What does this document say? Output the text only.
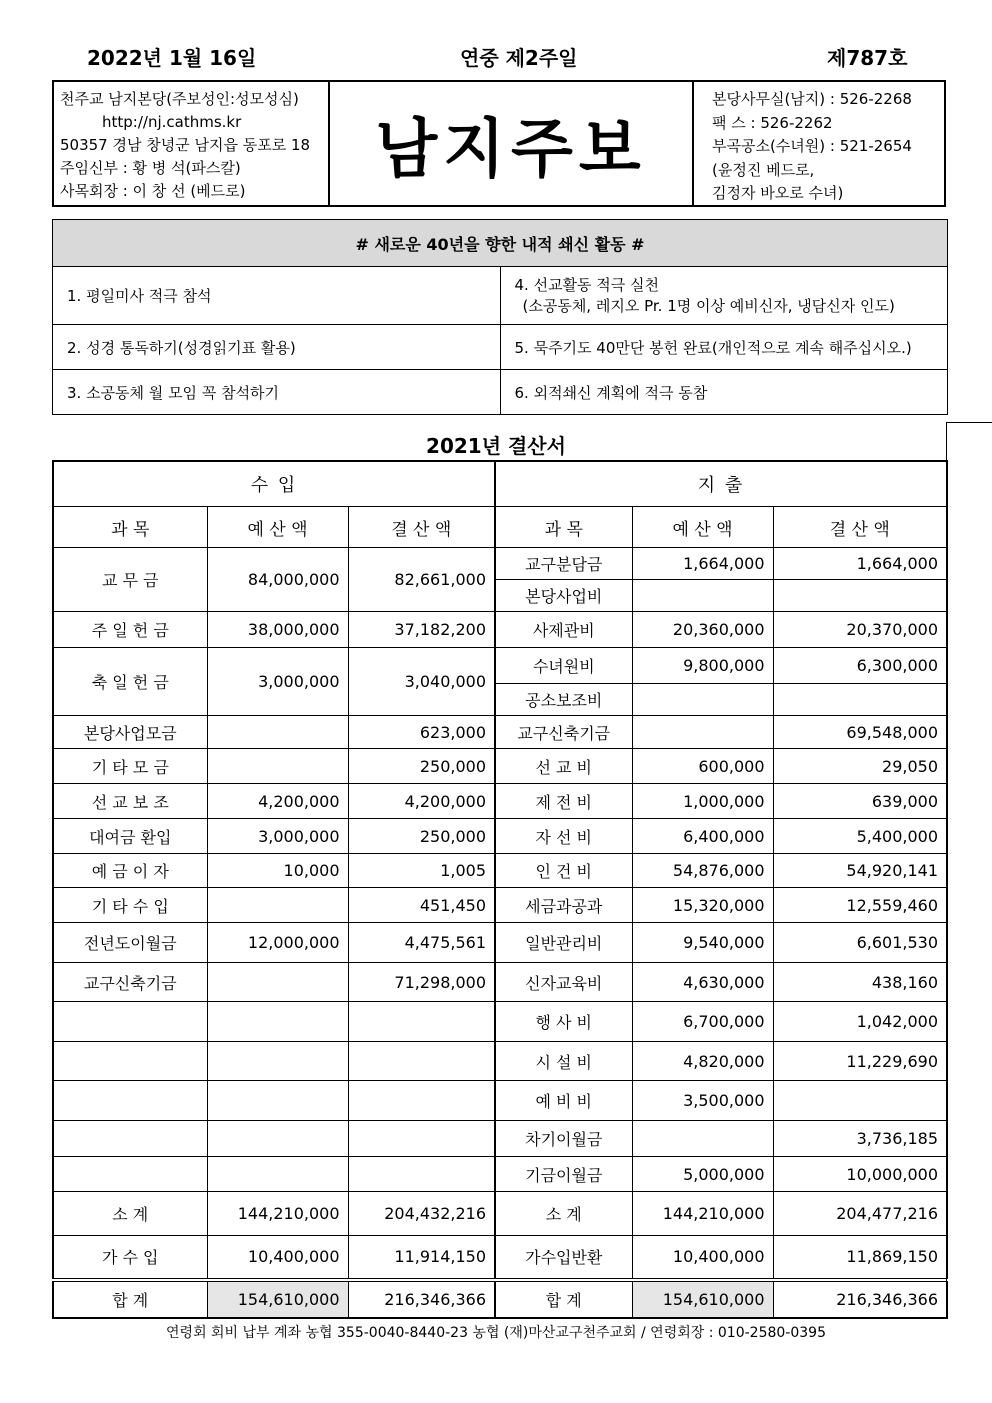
2022년 1월 16일	연중 제2주일	제787호
천주교 남지본당(주보성인:성모성심)
http://nj.cathms.kr
50357 경남 창녕군 남지읍 동포로 18
주임신부 : 황 병 석(파스칼)
사목회장 : 이 창 선 (베드로)
남지주보
본당사무실(남지) : 526-2268
팩 스 : 526-2262
부곡공소(수녀원) : 521-2654
(윤정진 베드로,
김정자 바오로 수녀)
# 새로운 40년을 향한 내적 쇄신 활동 #	
1. 평일미사 적극 참석	4. 선교활동 적극 실천
(소공동체, 레지오 Pr. 1명 이상 예비신자, 냉담신자 인도)

2. 성경 통독하기(성경읽기표 활용)	5. 묵주기도 40만단 봉헌 완료(개인적으로 계속 해주십시오.)
3. 소공동체 월 모임 꼭 참석하기	6. 외적쇄신 계획에 적극 동참
2021년 결산서
수 입			지 출		
과 목	예 산 액	결 산 액	과 목	예 산 액	결 산 액
교 무 금	84,000,000	82,661,000	교구분담금	1,664,000	1,664,000
			본당사업비		
주 일 헌 금	38,000,000	37,182,200	사제관비	20,360,000	20,370,000
축 일 헌 금	3,000,000	3,040,000	수녀원비	9,800,000	6,300,000
			공소보조비		
본당사업모금		623,000	교구신축기금		69,548,000
기 타 모 금		250,000	선 교 비	600,000	29,050
선 교 보 조	4,200,000	4,200,000	제 전 비	1,000,000	639,000
대여금 환입	3,000,000	250,000	자 선 비	6,400,000	5,400,000
예 금 이 자	10,000	1,005	인 건 비	54,876,000	54,920,141
기 타 수 입		451,450	세금과공과	15,320,000	12,559,460
전년도이월금	12,000,000	4,475,561	일반관리비	9,540,000	6,601,530
교구신축기금		71,298,000	신자교육비	4,630,000	438,160
			행 사 비	6,700,000	1,042,000
			시 설 비	4,820,000	11,229,690
			예 비 비	3,500,000	
			차기이월금		3,736,185
			기금이월금	5,000,000	10,000,000
소 계	144,210,000	204,432,216	소 계	144,210,000	204,477,216
가 수 입	10,400,000	11,914,150	가수입반환	10,400,000	11,869,150
합 계	154,610,000	216,346,366	합 계	154,610,000	216,346,366
연령회 회비 납부 계좌 농협 355-0040-8440-23 농협 (재)마산교구천주교회 / 연령회장 : 010-2580-0395
